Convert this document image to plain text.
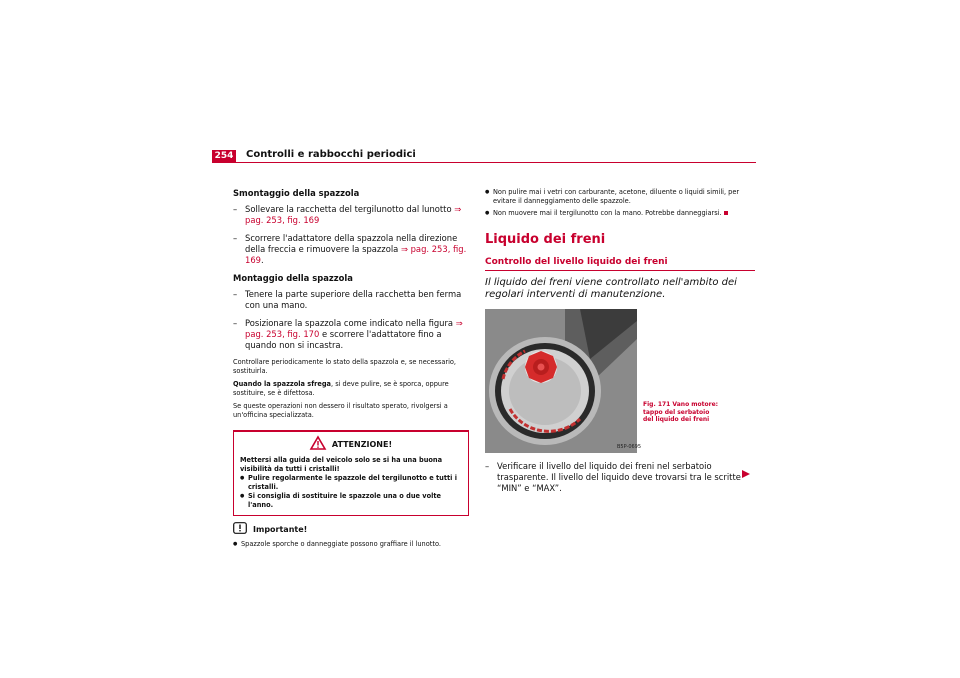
254 Controlli e rabbocchi periodici
Smontaggio della spazzola
– Sollevare la racchetta del tergilunotto dal lunotto ⇒ pag. 253, fig. 169
– Scorrere l'adattatore della spazzola nella direzione della freccia e rimuovere la spazzola ⇒ pag. 253, fig. 169.
Montaggio della spazzola
– Tenere la parte superiore della racchetta ben ferma con una mano.
– Posizionare la spazzola come indicato nella figura ⇒ pag. 253, fig. 170 e scorrere l'adattatore fino a quando non si incastra.

Controllare periodicamente lo stato della spazzola e, se necessario, sostituirla.

Quando la spazzola sfrega, si deve pulire, se è sporca, oppure sostituire, se è difettosa.

Se queste operazioni non dessero il risultato sperato, rivolgersi a un'officina specializzata.

ATTENZIONE!
Mettersi alla guida del veicolo solo se si ha una buona visibilità da tutti i cristalli!
● Pulire regolarmente le spazzole del tergilunotto e tutti i cristalli.
● Si consiglia di sostituire le spazzole una o due volte l'anno.
Importante!
● Spazzole sporche o danneggiate possono graffiare il lunotto.
● Non pulire mai i vetri con carburante, acetone, diluente o liquidi simili, per evitare il danneggiamento delle spazzole.
● Non muovere mai il tergilunotto con la mano. Potrebbe danneggiarsi.
Liquido dei freni
Controllo del livello liquido dei freni
Il liquido dei freni viene controllato nell'ambito dei regolari interventi di manutenzione.
B5P-0695
Fig. 171 Vano motore: tappo del serbatoio del liquido dei freni
– Verificare il livello del liquido dei freni nel serbatoio trasparente. Il livello del liquido deve trovarsi tra le scritte “MIN” e “MAX”.
